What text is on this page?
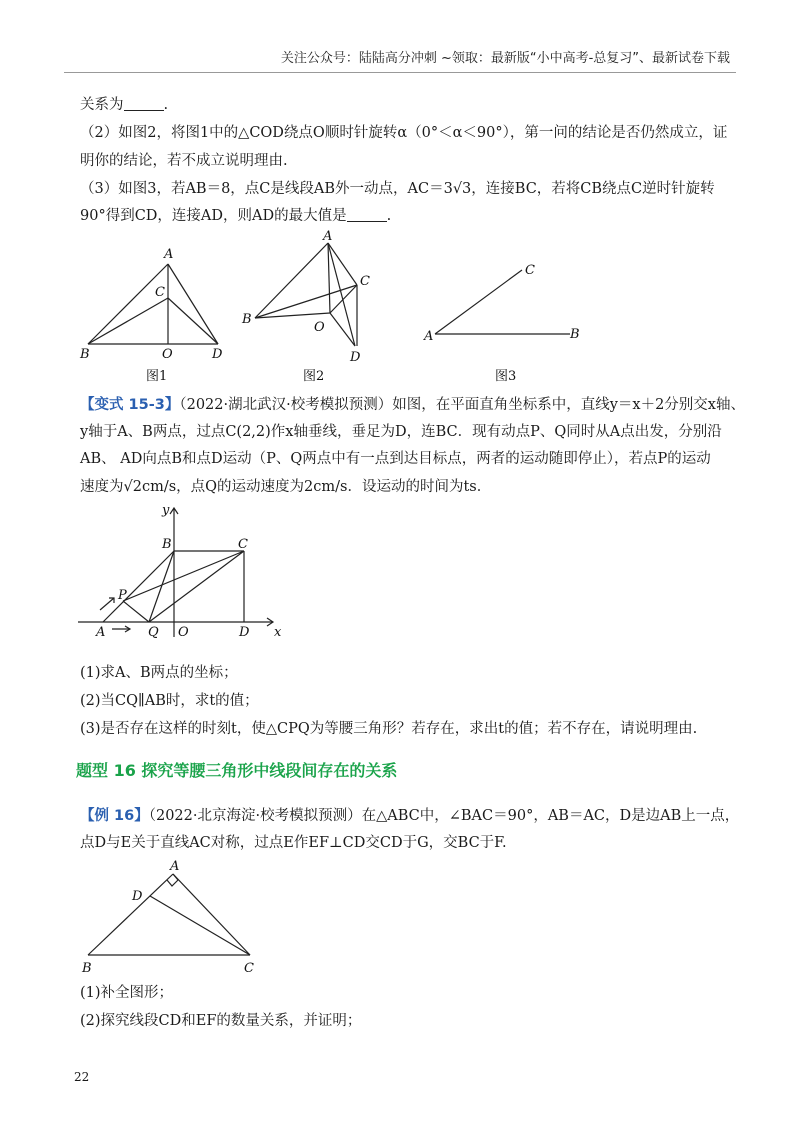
关注公众号：陆陆高分冲刺 ~领取：最新版“小中高考-总复习”、最新试卷下载
关系为	.
（2）如图2，将图1中的△COD绕点O顺时针旋转α（0°＜α＜90°），第一问的结论是否仍然成立，证
明你的结论，若不成立说明理由.
（3）如图3，若AB＝8，点C是线段AB外一动点，AC＝3√3，连接BC，若将CB绕点C逆时针旋转
90°得到CD，连接AD，则AD的最大值是	.
A
C
B	O	D
图1
A
C
B
O
D
图2
A	B
C
图3
【变式 15-3】（2022·湖北武汉·校考模拟预测）如图，在平面直角坐标系中，直线y＝x＋2分别交x轴、
y轴于A、B两点，过点C(2,2)作x轴垂线，垂足为D，连BC．现有动点P、Q同时从A点出发，分别沿
AB、 AD向点B和点D运动（P、Q两点中有一点到达目标点，两者的运动随即停止），若点P的运动
速度为√2cm/s，点Q的运动速度为2cm/s．设运动的时间为ts．
y
x
B	C
P
A	Q O	D
(1)求A、B两点的坐标；
(2)当CQ∥AB时，求t的值；
(3)是否存在这样的时刻t，使△CPQ为等腰三角形？若存在，求出t的值；若不存在，请说明理由.
题型 16 探究等腰三角形中线段间存在的关系
【例 16】（2022·北京海淀·校考模拟预测）在△ABC中，∠BAC＝90°，AB＝AC，D是边AB上一点，
点D与E关于直线AC对称，过点E作EF⊥CD交CD于G，交BC于F.
A
D
B	C
(1)补全图形；
(2)探究线段CD和EF的数量关系，并证明；
22
